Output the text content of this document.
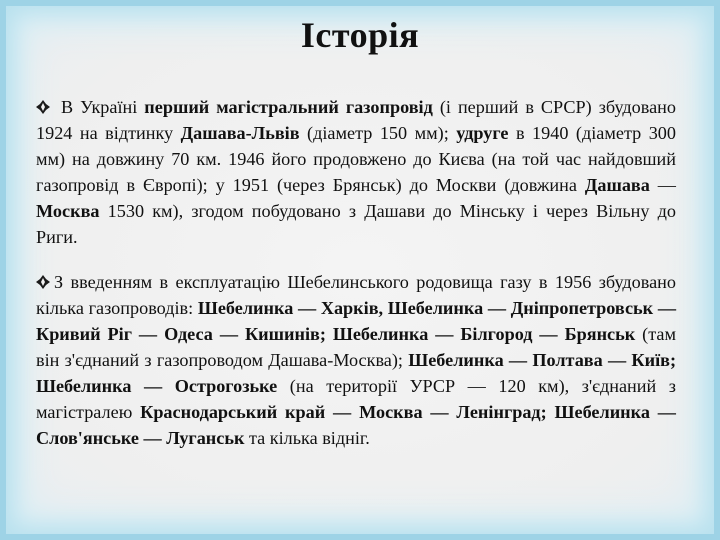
Історія

В Україні перший магістральний газопровід (і перший в СРСР) збудовано 1924 на відтинку Дашава-Львів (діаметр 150 мм); удруге в 1940 (діаметр 300 мм) на довжину 70 км. 1946 його продовжено до Києва (на той час найдовший газопровід в Європі); у 1951 (через Брянськ) до Москви (довжина Дашава — Москва 1530 км), згодом побудовано з Дашави до Мінську і через Вільну до Риги.

З введенням в експлуатацію Шебелинського родовища газу в 1956 збудовано кілька газопроводів: Шебелинка — Харків, Шебелинка — Дніпропетровськ — Кривий Ріг — Одеса — Кишинів; Шебелинка — Білгород — Брянськ (там він з'єднаний з газопроводом Дашава-Москва); Шебелинка — Полтава — Київ; Шебелинка — Острогозьке (на території УРСР — 120 км), з'єднаний з магістралею Краснодарський край — Москва — Ленінград; Шебелинка — Слов'янське — Луганськ та кілька віднiг.
